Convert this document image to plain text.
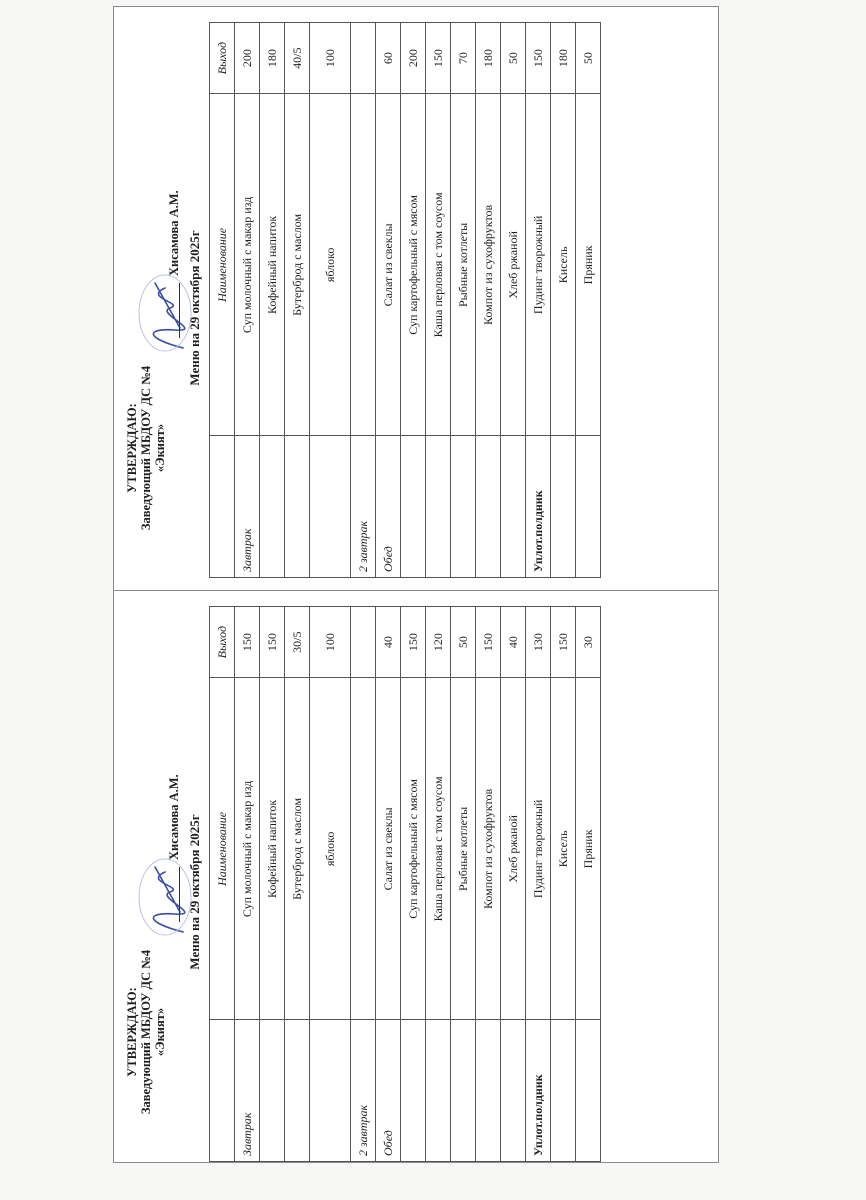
УТВЕРЖДАЮ: Заведующий МБДОУ ДС №4 «Экият»
Хисамова А.М. Меню на 29 октября 2025г
	Наименование	Выход
Завтрак	Суп молочный с макар изд	200
	Кофейный напиток	180
	Бутерброд с маслом	40/5
	яблоко	100
2 завтрак		
Обед	Салат из свеклы	60
	Суп картофельный с мясом	200
	Каша перловая с том соусом	150
	Рыбные котлеты	70
	Компот из сухофруктов	180
	Хлеб ржаной	50
Уплот.полдник	Пудинг творожный	150
	Кисель	180
	Пряник	50
УТВЕРЖДАЮ: Заведующий МБДОУ ДС №4 «Экият»
Хисамова А.М. Меню на 29 октября 2025г
	Наименование	Выход
Завтрак	Суп молочный с макар изд	150
	Кофейный напиток	150
	Бутерброд с маслом	30/5
	яблоко	100
2 завтрак		
Обед	Салат из свеклы	40
	Суп картофельный с мясом	150
	Каша перловая с том соусом	120
	Рыбные котлеты	50
	Компот из сухофруктов	150
	Хлеб ржаной	40
Уплот.полдник	Пудинг творожный	130
	Кисель	150
	Пряник	30
